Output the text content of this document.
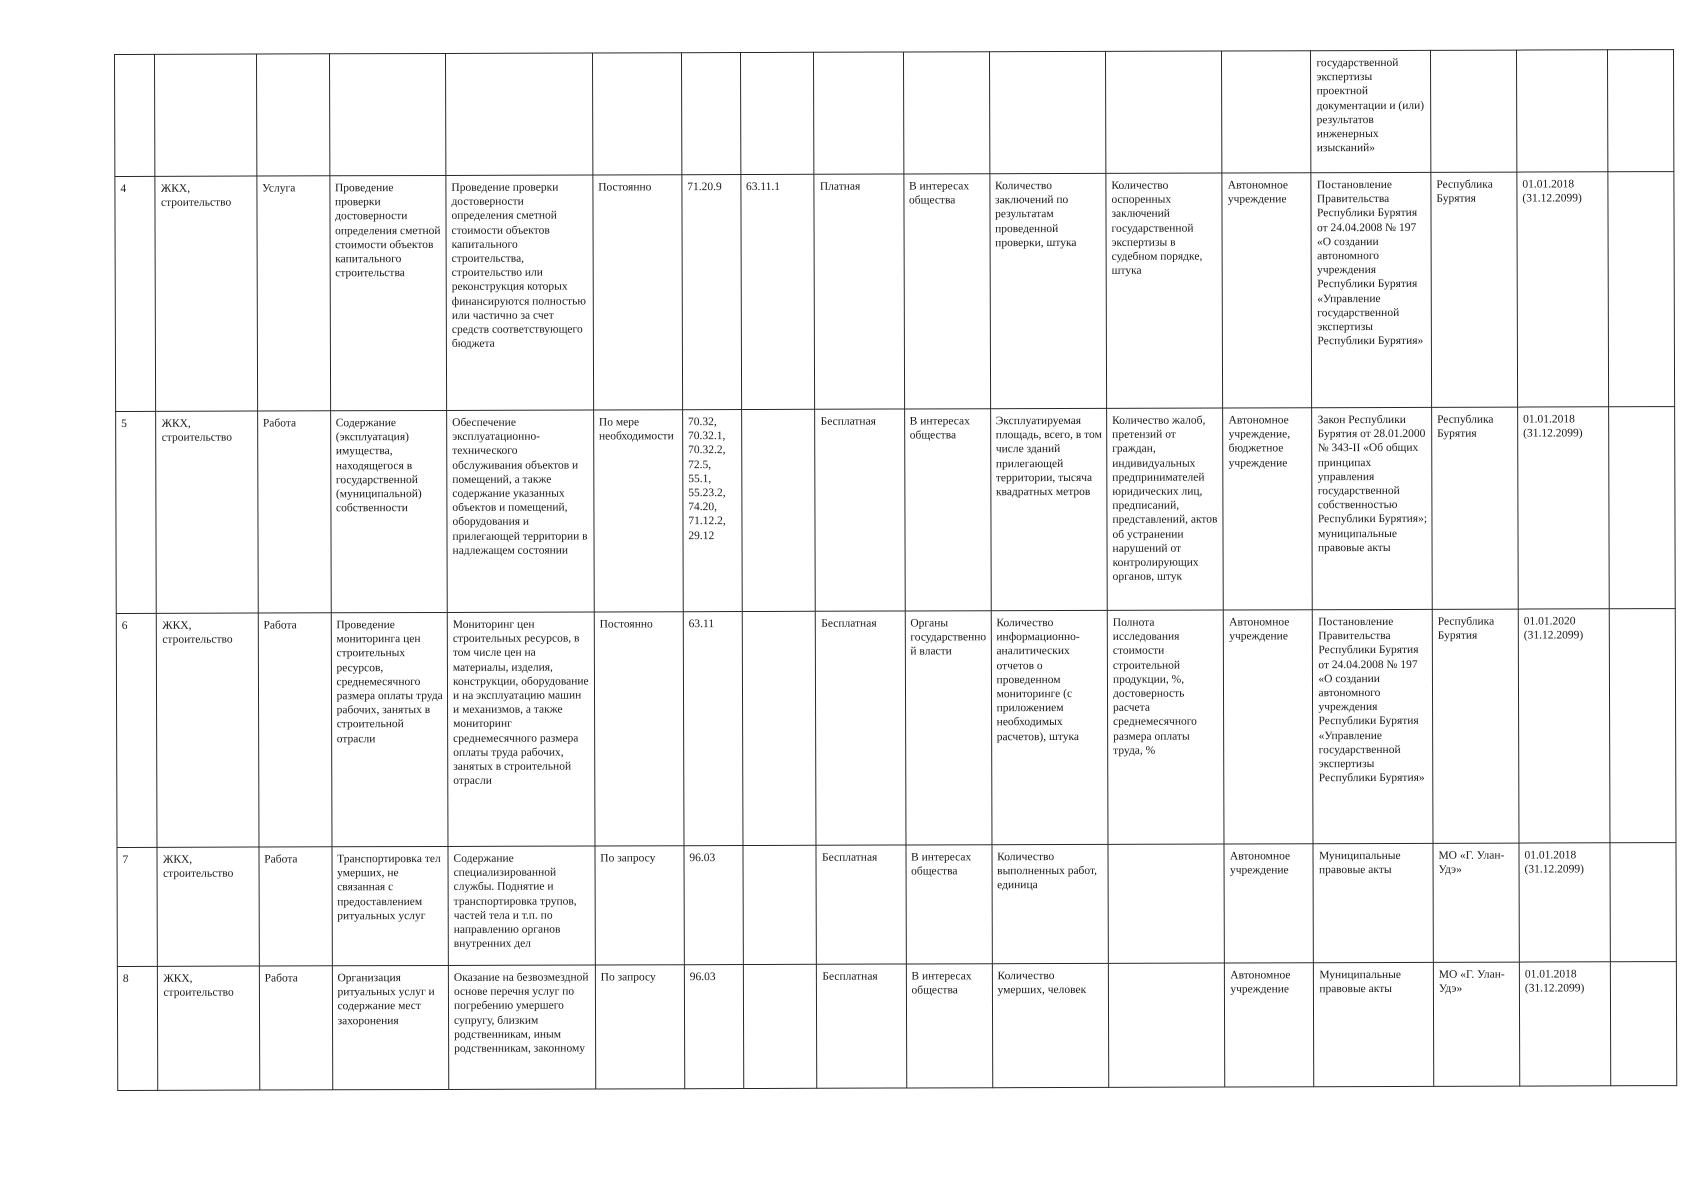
													государственной экспертизы проектной документации и (или) результатов инженерных изысканий»			
4	ЖКХ, строительство	Услуга	Проведение проверки достоверности определения сметной стоимости объектов капитального строительства	Проведение проверки достоверности определения сметной стоимости объектов капитального строительства, строительство или реконструкция которых финансируются полностью или частично за счет средств соответствующего бюджета	Постоянно	71.20.9	63.11.1	Платная	В интересах общества	Количество заключений по результатам проведенной проверки, штука	Количество оспоренных заключений государственной экспертизы в судебном порядке, штука	Автономное учреждение	Постановление Правительства Республики Бурятия от 24.04.2008 № 197 «О создании автономного учреждения Республики Бурятия «Управление государственной экспертизы Республики Бурятия»	Республика Бурятия	01.01.2018 (31.12.2099)	
5	ЖКХ, строительство	Работа	Содержание (эксплуатация) имущества, находящегося в государственной (муниципальной) собственности	Обеспечение эксплуатационно-технического обслуживания объектов и помещений, а также содержание указанных объектов и помещений, оборудования и прилегающей территории в надлежащем состоянии	По мере необходимости	70.32, 70.32.1, 70.32.2, 72.5, 55.1, 55.23.2, 74.20, 71.12.2, 29.12		Бесплатная	В интересах общества	Эксплуатируемая площадь, всего, в том числе зданий прилегающей территории, тысяча квадратных метров	Количество жалоб, претензий от граждан, индивидуальных предпринимателей юридических лиц, предписаний, представлений, актов об устранении нарушений от контролирующих органов, штук	Автономное учреждение, бюджетное учреждение	Закон Республики Бурятия от 28.01.2000 № 343-II «Об общих принципах управления государственной собственностью Республики Бурятия»; муниципальные правовые акты	Республика Бурятия	01.01.2018 (31.12.2099)	
6	ЖКХ, строительство	Работа	Проведение мониторинга цен строительных ресурсов, среднемесячного размера оплаты труда рабочих, занятых в строительной отрасли	Мониторинг цен строительных ресурсов, в том числе цен на материалы, изделия, конструкции, оборудование и на эксплуатацию машин и механизмов, а также мониторинг среднемесячного размера оплаты труда рабочих, занятых в строительной отрасли	Постоянно	63.11		Бесплатная	Органы государственной власти	Количество информационно-аналитических отчетов о проведенном мониторинге (с приложением необходимых расчетов), штука	Полнота исследования стоимости строительной продукции, %, достоверность расчета среднемесячного размера оплаты труда, %	Автономное учреждение	Постановление Правительства Республики Бурятия от 24.04.2008 № 197 «О создании автономного учреждения Республики Бурятия «Управление государственной экспертизы Республики Бурятия»	Республика Бурятия	01.01.2020 (31.12.2099)	
7	ЖКХ, строительство	Работа	Транспортировка тел умерших, не связанная с предоставлением ритуальных услуг	Содержание специализированной службы. Поднятие и транспортировка трупов, частей тела и т.п. по направлению органов внутренних дел	По запросу	96.03		Бесплатная	В интересах общества	Количество выполненных работ, единица		Автономное учреждение	Муниципальные правовые акты	МО «Г. Улан-Удэ»	01.01.2018 (31.12.2099)	
8	ЖКХ, строительство	Работа	Организация ритуальных услуг и содержание мест захоронения	Оказание на безвозмездной основе перечня услуг по погребению умершего супругу, близким родственникам, иным родственникам, законному	По запросу	96.03		Бесплатная	В интересах общества	Количество умерших, человек		Автономное учреждение	Муниципальные правовые акты	МО «Г. Улан-Удэ»	01.01.2018 (31.12.2099)	
